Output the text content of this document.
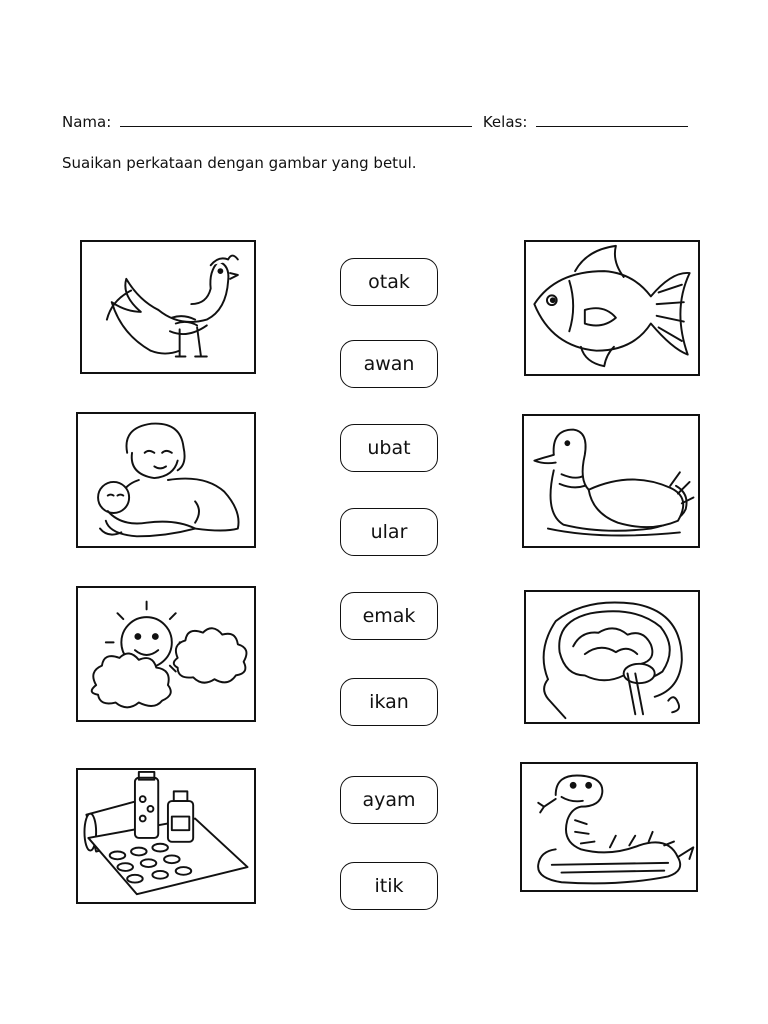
Nama:	Kelas:
Suaikan perkataan dengan gambar yang betul.
otak
awan
ubat
ular
emak
ikan
ayam
itik
